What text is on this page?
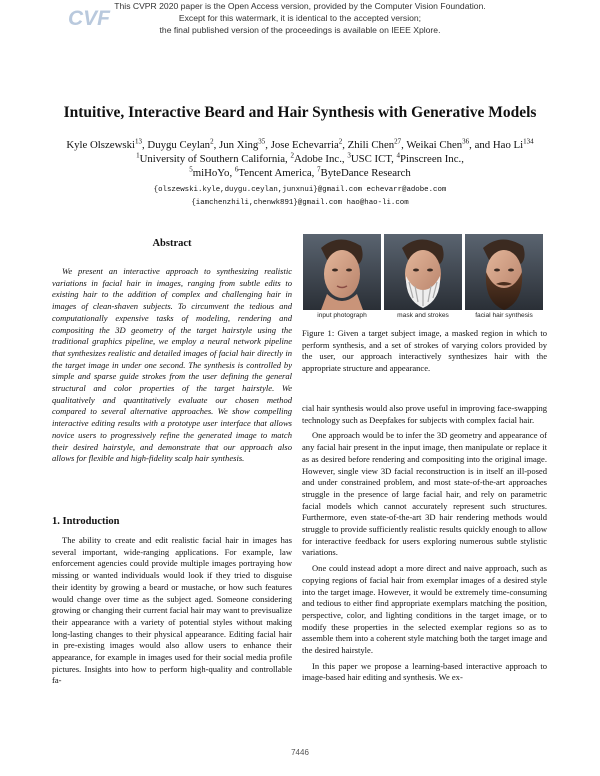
CVF
This CVPR 2020 paper is the Open Access version, provided by the Computer Vision Foundation.
Except for this watermark, it is identical to the accepted version;
the final published version of the proceedings is available on IEEE Xplore.
Intuitive, Interactive Beard and Hair Synthesis with Generative Models
Kyle Olszewski$^{13}$, Duygu Ceylan$^2$, Jun Xing$^{35}$, Jose Echevarria$^2$, Zhili Chen$^{27}$, Weikai Chen$^{36}$, and Hao Li$^{134}$
$^1$University of Southern California, $^2$Adobe Inc., $^3$USC ICT, $^4$Pinscreen Inc.,
$^5$miHoYo, $^6$Tencent America, $^7$ByteDance Research
{olszewski.kyle,duygu.ceylan,junxnui}@gmail.com echevarr@adobe.com
{iamchenzhili,chenwk891}@gmail.com hao@hao-li.com
Abstract
We present an interactive approach to synthesizing realistic variations in facial hair in images, ranging from subtle edits to existing hair to the addition of complex and challenging hair in images of clean-shaven subjects. To circumvent the tedious and computationally expensive tasks of modeling, rendering and compositing the 3D geometry of the target hairstyle using the traditional graphics pipeline, we employ a neural network pipeline that synthesizes realistic and detailed images of facial hair directly in the target image in under one second. The synthesis is controlled by simple and sparse guide strokes from the user defining the general structural and color properties of the target hairstyle. We qualitatively and quantitatively evaluate our chosen method compared to several alternative approaches. We show compelling interactive editing results with a prototype user interface that allows novice users to progressively refine the generated image to match their desired hairstyle, and demonstrate that our approach also allows for flexible and high-fidelity scalp hair synthesis.
1. Introduction

The ability to create and edit realistic facial hair in images has several important, wide-ranging applications. For example, law enforcement agencies could provide multiple images portraying how missing or wanted individuals would look if they tried to disguise their identity by growing a beard or mustache, or how such features would change over time as the subject aged. Someone considering growing or changing their current facial hair may want to previsualize their appearance with a variety of potential styles without making long-lasting changes to their physical appearance. Editing facial hair in pre-existing images would also allow users to enhance their appearance, for example in images used for their social media profile pictures. Insights into how to perform high-quality and controllable fa-

input photograph	mask and strokes	facial hair synthesis
Figure 1: Given a target subject image, a masked region in which to perform synthesis, and a set of strokes of varying colors provided by the user, our approach interactively synthesizes hair with the appropriate structure and appearance.

cial hair synthesis would also prove useful in improving face-swapping technology such as Deepfakes for subjects with complex facial hair.

One approach would be to infer the 3D geometry and appearance of any facial hair present in the input image, then manipulate or replace it as as desired before rendering and compositing into the original image. However, single view 3D facial reconstruction is in itself an ill-posed and under constrained problem, and most state-of-the-art approaches struggle in the presence of large facial hair, and rely on parametric facial models which cannot accurately represent such structures. Furthermore, even state-of-the-art 3D hair rendering methods would struggle to provide sufficiently realistic results quickly enough to allow for interactive feedback for users exploring numerous subtle stylistic variations.

One could instead adopt a more direct and naive approach, such as copying regions of facial hair from exemplar images of a desired style into the target image. However, it would be extremely time-consuming and tedious to either find appropriate exemplars matching the position, perspective, color, and lighting conditions in the target image, or to modify these properties in the selected exemplar regions so as to assemble them into a coherent style matching both the target image and the desired hairstyle.

In this paper we propose a learning-based interactive approach to image-based hair editing and synthesis. We ex-

7446
